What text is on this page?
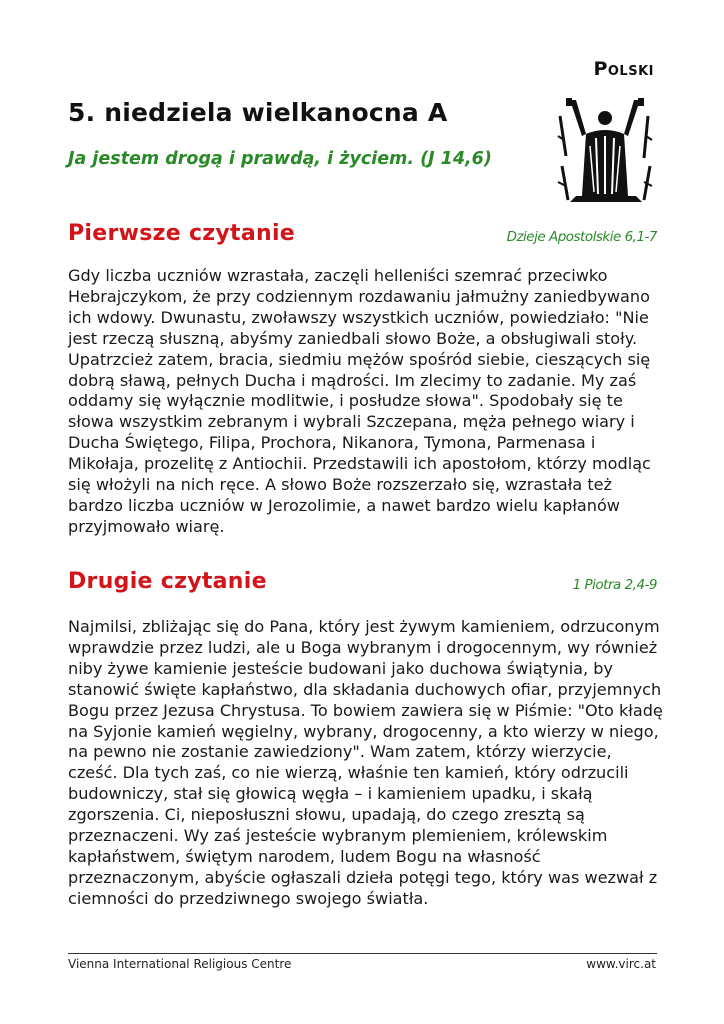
Polski
5. niedziela wielkanocna A
Ja jestem drogą i prawdą, i życiem. (J 14,6)
Pierwsze czytanie	Dzieje Apostolskie 6,1-7

Gdy liczba uczniów wzrastała, zaczęli helleniści szemrać przeciwko Hebrajczykom, że przy codziennym rozdawaniu jałmużny zaniedbywano ich wdowy. Dwunastu, zwoławszy wszystkich uczniów, powiedziało: "Nie jest rzeczą słuszną, abyśmy zaniedbali słowo Boże, a obsługiwali stoły. Upatrzcież zatem, bracia, siedmiu mężów spośród siebie, cieszących się dobrą sławą, pełnych Ducha i mądrości. Im zlecimy to zadanie. My zaś oddamy się wyłącznie modlitwie, i posłudze słowa". Spodobały się te słowa wszystkim zebranym i wybrali Szczepana, męża pełnego wiary i Ducha Świętego, Filipa, Prochora, Nikanora, Tymona, Parmenasa i Mikołaja, prozelitę z Antiochii. Przedstawili ich apostołom, którzy modląc się włożyli na nich ręce. A słowo Boże rozszerzało się, wzrastała też bardzo liczba uczniów w Jerozolimie, a nawet bardzo wielu kapłanów przyjmowało wiarę.

Drugie czytanie	1 Piotra 2,4-9

Najmilsi, zbliżając się do Pana, który jest żywym kamieniem, odrzuconym wprawdzie przez ludzi, ale u Boga wybranym i drogocennym, wy również niby żywe kamienie jesteście budowani jako duchowa świątynia, by stanowić święte kapłaństwo, dla składania duchowych ofiar, przyjemnych Bogu przez Jezusa Chrystusa. To bowiem zawiera się w Piśmie: "Oto kładę na Syjonie kamień węgielny, wybrany, drogocenny, a kto wierzy w niego, na pewno nie zostanie zawiedziony". Wam zatem, którzy wierzycie, cześć. Dla tych zaś, co nie wierzą, właśnie ten kamień, który odrzucili budowniczy, stał się głowicą węgła – i kamieniem upadku, i skałą zgorszenia. Ci, nieposłuszni słowu, upadają, do czego zresztą są przeznaczeni. Wy zaś jesteście wybranym plemieniem, królewskim kapłaństwem, świętym narodem, ludem Bogu na własność przeznaczonym, abyście ogłaszali dzieła potęgi tego, który was wezwał z ciemności do przedziwnego swojego światła.

Vienna International Religious Centre	www.virc.at
